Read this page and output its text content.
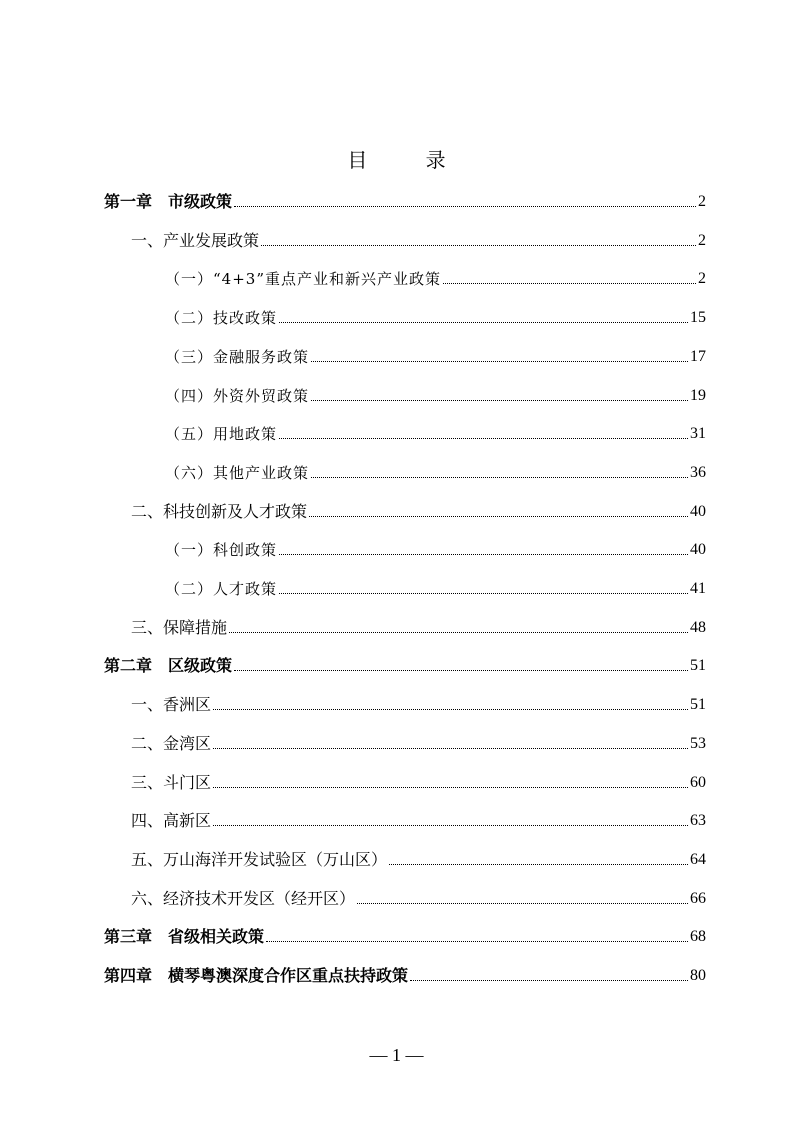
目 录
第一章　市级政策	2
一、产业发展政策	2
（一）“4+3”重点产业和新兴产业政策	2
（二）技改政策	15
（三）金融服务政策	17
（四）外资外贸政策	19
（五）用地政策	31
（六）其他产业政策	36
二、科技创新及人才政策	40
（一）科创政策	40
（二）人才政策	41
三、保障措施	48
第二章　区级政策	51
一、香洲区	51
二、金湾区	53
三、斗门区	60
四、高新区	63
五、万山海洋开发试验区（万山区）	64
六、经济技术开发区（经开区）	66
第三章　省级相关政策	68
第四章　横琴粤澳深度合作区重点扶持政策	80
— 1 —
